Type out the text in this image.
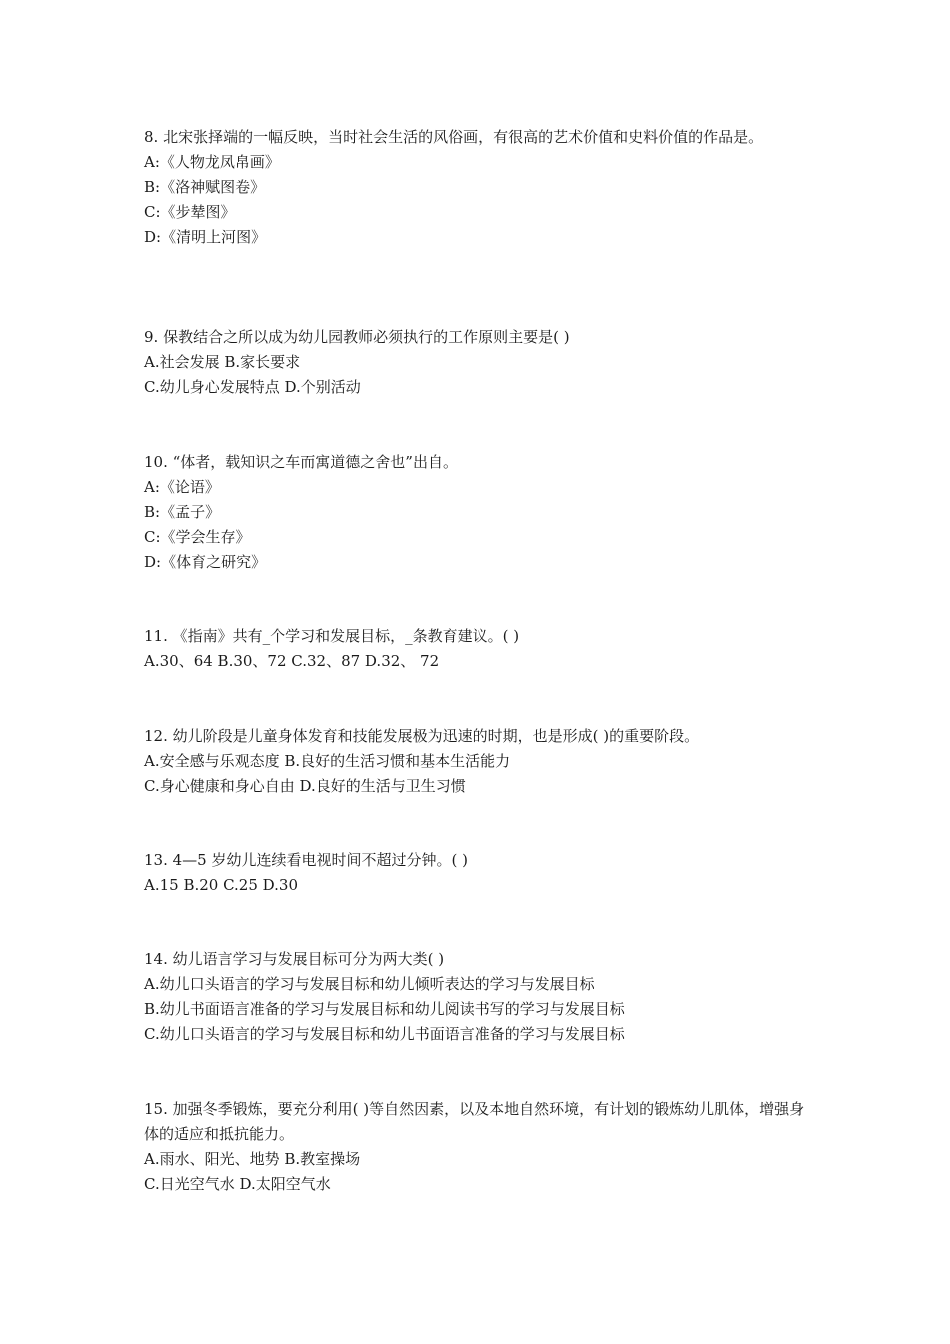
8. 北宋张择端的一幅反映，当时社会生活的风俗画，有很高的艺术价值和史料价值的作品是。
A:《人物龙凤帛画》
B:《洛神赋图卷》
C:《步辇图》
D:《清明上河图》
9. 保教结合之所以成为幼儿园教师必须执行的工作原则主要是( )
A.社会发展 B.家长要求
C.幼儿身心发展特点 D.个别活动
10. “体者，载知识之车而寓道德之舍也”出自。
A:《论语》
B:《孟子》
C:《学会生存》
D:《体育之研究》
11. 《指南》共有_个学习和发展目标，_条教育建议。( )
A.30、64 B.30、72 C.32、87 D.32、 72
12. 幼儿阶段是儿童身体发育和技能发展极为迅速的时期，也是形成( )的重要阶段。
A.安全感与乐观态度 B.良好的生活习惯和基本生活能力
C.身心健康和身心自由 D.良好的生活与卫生习惯
13. 4—5 岁幼儿连续看电视时间不超过分钟。( )
A.15 B.20 C.25 D.30
14. 幼儿语言学习与发展目标可分为两大类( )
A.幼儿口头语言的学习与发展目标和幼儿倾听表达的学习与发展目标
B.幼儿书面语言准备的学习与发展目标和幼儿阅读书写的学习与发展目标
C.幼儿口头语言的学习与发展目标和幼儿书面语言准备的学习与发展目标
15. 加强冬季锻炼，要充分利用( )等自然因素，以及本地自然环境，有计划的锻炼幼儿肌体，增强身体的适应和抵抗能力。
A.雨水、阳光、地势 B.教室操场
C.日光空气水 D.太阳空气水
